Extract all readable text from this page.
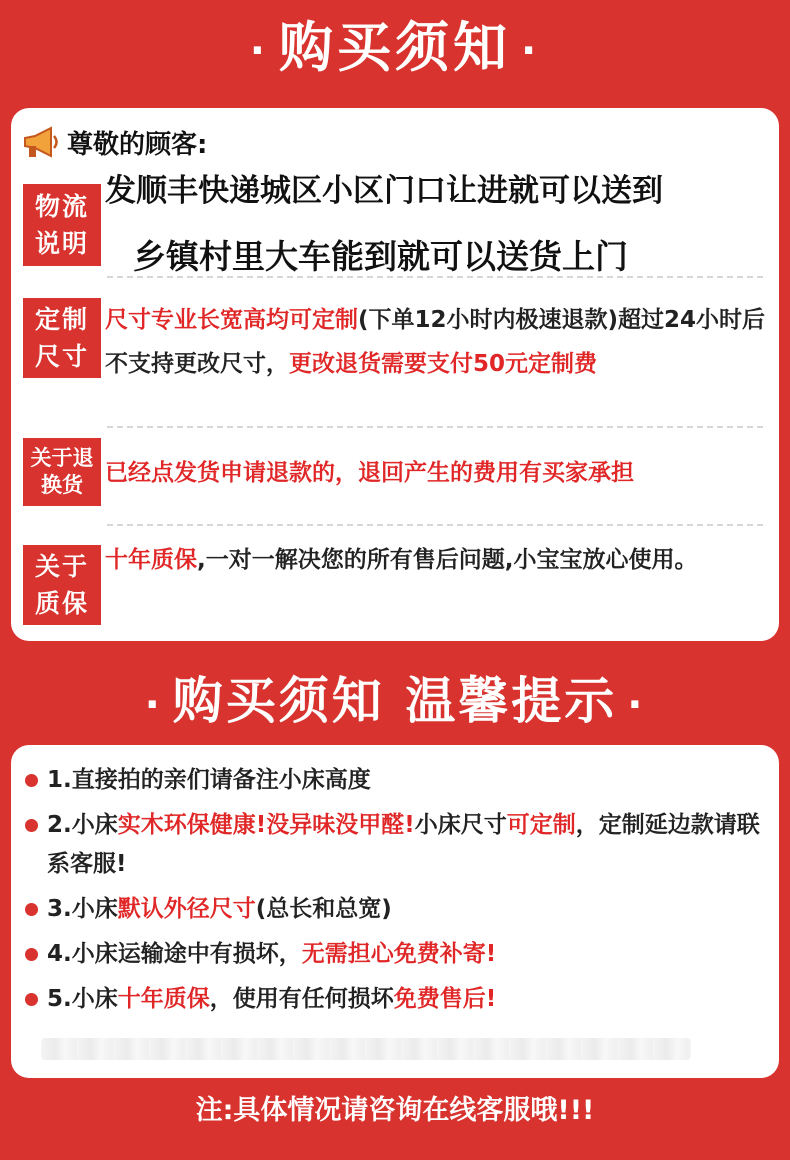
· 购买须知 ·
尊敬的顾客:
物流说明
发顺丰快递城区小区门口让进就可以送到
乡镇村里大车能到就可以送货上门
定制尺寸
尺寸专业长宽高均可定制(下单12小时内极速退款)超过24小时后不支持更改尺寸，更改退货需要支付50元定制费
关于退换货 已经点发货申请退款的，退回产生的费用有买家承担
关于质保
十年质保,一对一解决您的所有售后问题,小宝宝放心使用。
· 购买须知 温馨提示 ·
1.直接拍的亲们请备注小床高度
2.小床实木环保健康!没异味没甲醛!小床尺寸可定制，定制延边款请联系客服!
3.小床默认外径尺寸(总长和总宽)
4.小床运输途中有损坏，无需担心免费补寄!
5.小床十年质保，使用有任何损坏免费售后!
注:具体情况请咨询在线客服哦!!!
